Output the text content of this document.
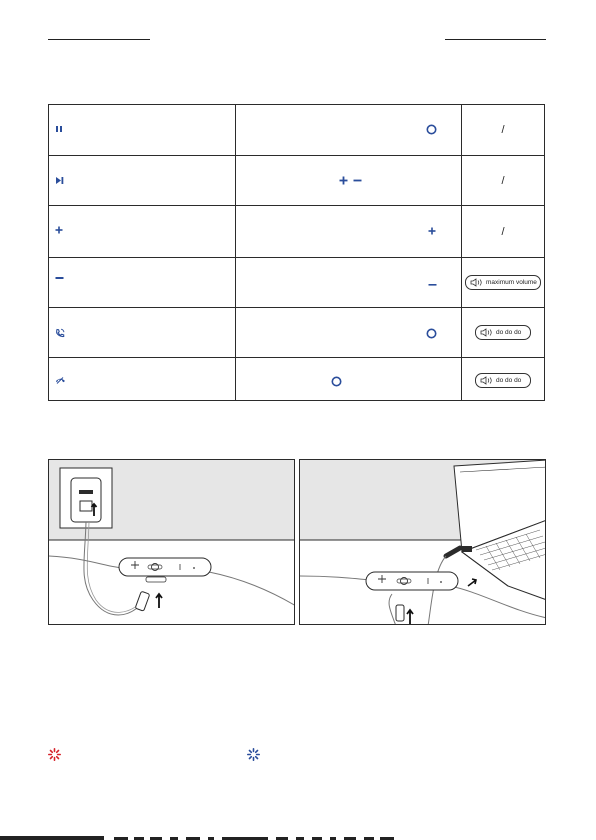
/
/
/
maximum volume
do do do
do do do
